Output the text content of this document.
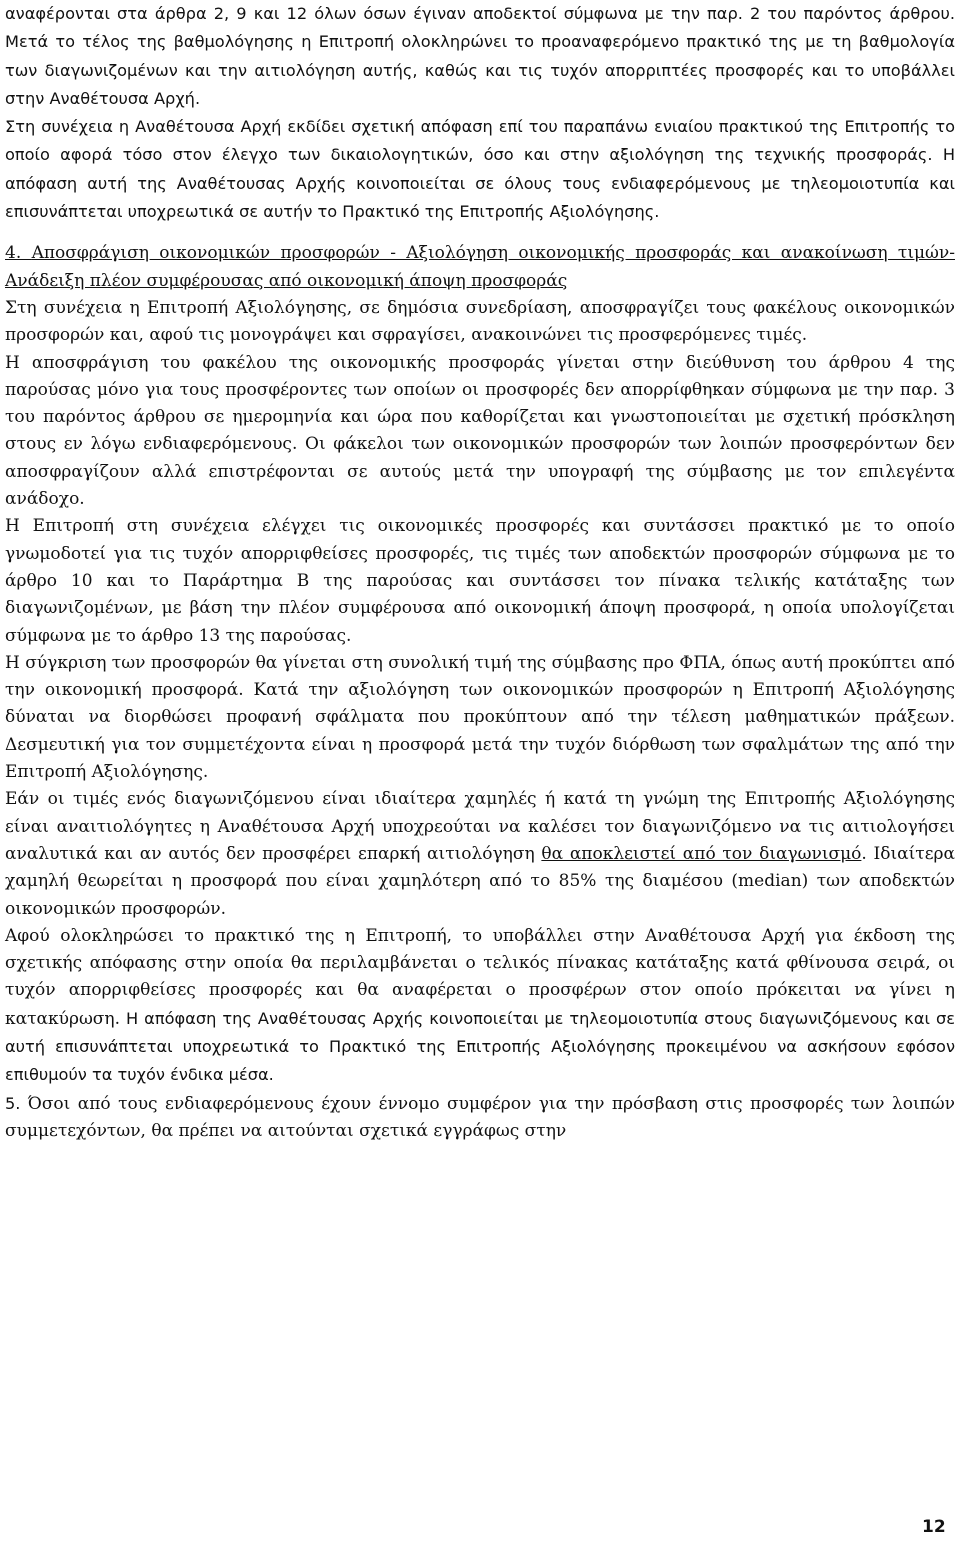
αναφέρονται στα άρθρα 2, 9 και 12 όλων όσων έγιναν αποδεκτοί σύμφωνα με την παρ. 2 του παρόντος άρθρου. Μετά το τέλος της βαθμολόγησης η Επιτροπή ολοκληρώνει το προαναφερόμενο πρακτικό της με τη βαθμολογία των διαγωνιζομένων και την αιτιολόγηση αυτής, καθώς και τις τυχόν απορριπτέες προσφορές και το υποβάλλει στην Αναθέτουσα Αρχή.

Στη συνέχεια η Αναθέτουσα Αρχή εκδίδει σχετική απόφαση επί του παραπάνω ενιαίου πρακτικού της Επιτροπής το οποίο αφορά τόσο στον έλεγχο των δικαιολογητικών, όσο και στην αξιολόγηση της τεχνικής προσφοράς. Η απόφαση αυτή της Αναθέτουσας Αρχής κοινοποιείται σε όλους τους ενδιαφερόμενους με τηλεομοιοτυπία και επισυνάπτεται υποχρεωτικά σε αυτήν το Πρακτικό της Επιτροπής Αξιολόγησης.

4. Αποσφράγιση οικονομικών προσφορών - Αξιολόγηση οικονομικής προσφοράς και ανακοίνωση τιμών- Ανάδειξη πλέον συμφέρουσας από οικονομική άποψη προσφοράς

Στη συνέχεια η Επιτροπή Αξιολόγησης, σε δημόσια συνεδρίαση, αποσφραγίζει τους φακέλους οικονομικών προσφορών και, αφού τις μονογράψει και σφραγίσει, ανακοινώνει τις προσφερόμενες τιμές.

Η αποσφράγιση του φακέλου της οικονομικής προσφοράς γίνεται στην διεύθυνση του άρθρου 4 της παρούσας μόνο για τους προσφέροντες των οποίων οι προσφορές δεν απορρίφθηκαν σύμφωνα με την παρ. 3 του παρόντος άρθρου σε ημερομηνία και ώρα που καθορίζεται και γνωστοποιείται με σχετική πρόσκληση στους εν λόγω ενδιαφερόμενους. Οι φάκελοι των οικονομικών προσφορών των λοιπών προσφερόντων δεν αποσφραγίζουν αλλά επιστρέφονται σε αυτούς μετά την υπογραφή της σύμβασης με τον επιλεγέντα ανάδοχο.

Η Επιτροπή στη συνέχεια ελέγχει τις οικονομικές προσφορές και συντάσσει πρακτικό με το οποίο γνωμοδοτεί για τις τυχόν απορριφθείσες προσφορές, τις τιμές των αποδεκτών προσφορών σύμφωνα με το άρθρο 10 και το Παράρτημα Β της παρούσας και συντάσσει τον πίνακα τελικής κατάταξης των διαγωνιζομένων, με βάση την πλέον συμφέρουσα από οικονομική άποψη προσφορά, η οποία υπολογίζεται σύμφωνα με το άρθρο 13 της παρούσας.

Η σύγκριση των προσφορών θα γίνεται στη συνολική τιμή της σύμβασης προ ΦΠΑ, όπως αυτή προκύπτει από την οικονομική προσφορά. Κατά την αξιολόγηση των οικονομικών προσφορών η Επιτροπή Αξιολόγησης δύναται να διορθώσει προφανή σφάλματα που προκύπτουν από την τέλεση μαθηματικών πράξεων. Δεσμευτική για τον συμμετέχοντα είναι η προσφορά μετά την τυχόν διόρθωση των σφαλμάτων της από την Επιτροπή Αξιολόγησης.

Εάν οι τιμές ενός διαγωνιζόμενου είναι ιδιαίτερα χαμηλές ή κατά τη γνώμη της Επιτροπής Αξιολόγησης είναι αναιτιολόγητες η Αναθέτουσα Αρχή υποχρεούται να καλέσει τον διαγωνιζόμενο να τις αιτιολογήσει αναλυτικά και αν αυτός δεν προσφέρει επαρκή αιτιολόγηση θα αποκλειστεί από τον διαγωνισμό. Ιδιαίτερα χαμηλή θεωρείται η προσφορά που είναι χαμηλότερη από το 85% της διαμέσου (median) των αποδεκτών οικονομικών προσφορών.

Αφού ολοκληρώσει το πρακτικό της η Επιτροπή, το υποβάλλει στην Αναθέτουσα Αρχή για έκδοση της σχετικής απόφασης στην οποία θα περιλαμβάνεται ο τελικός πίνακας κατάταξης κατά φθίνουσα σειρά, οι τυχόν απορριφθείσες προσφορές και θα αναφέρεται ο προσφέρων στον οποίο πρόκειται να γίνει η κατακύρωση. Η απόφαση της Αναθέτουσας Αρχής κοινοποιείται με τηλεομοιοτυπία στους διαγωνιζόμενους και σε αυτή επισυνάπτεται υποχρεωτικά το Πρακτικό της Επιτροπής Αξιολόγησης προκειμένου να ασκήσουν εφόσον επιθυμούν τα τυχόν ένδικα μέσα.

5. Όσοι από τους ενδιαφερόμενους έχουν έννομο συμφέρον για την πρόσβαση στις προσφορές των λοιπών συμμετεχόντων, θα πρέπει να αιτούνται σχετικά εγγράφως στην

12
